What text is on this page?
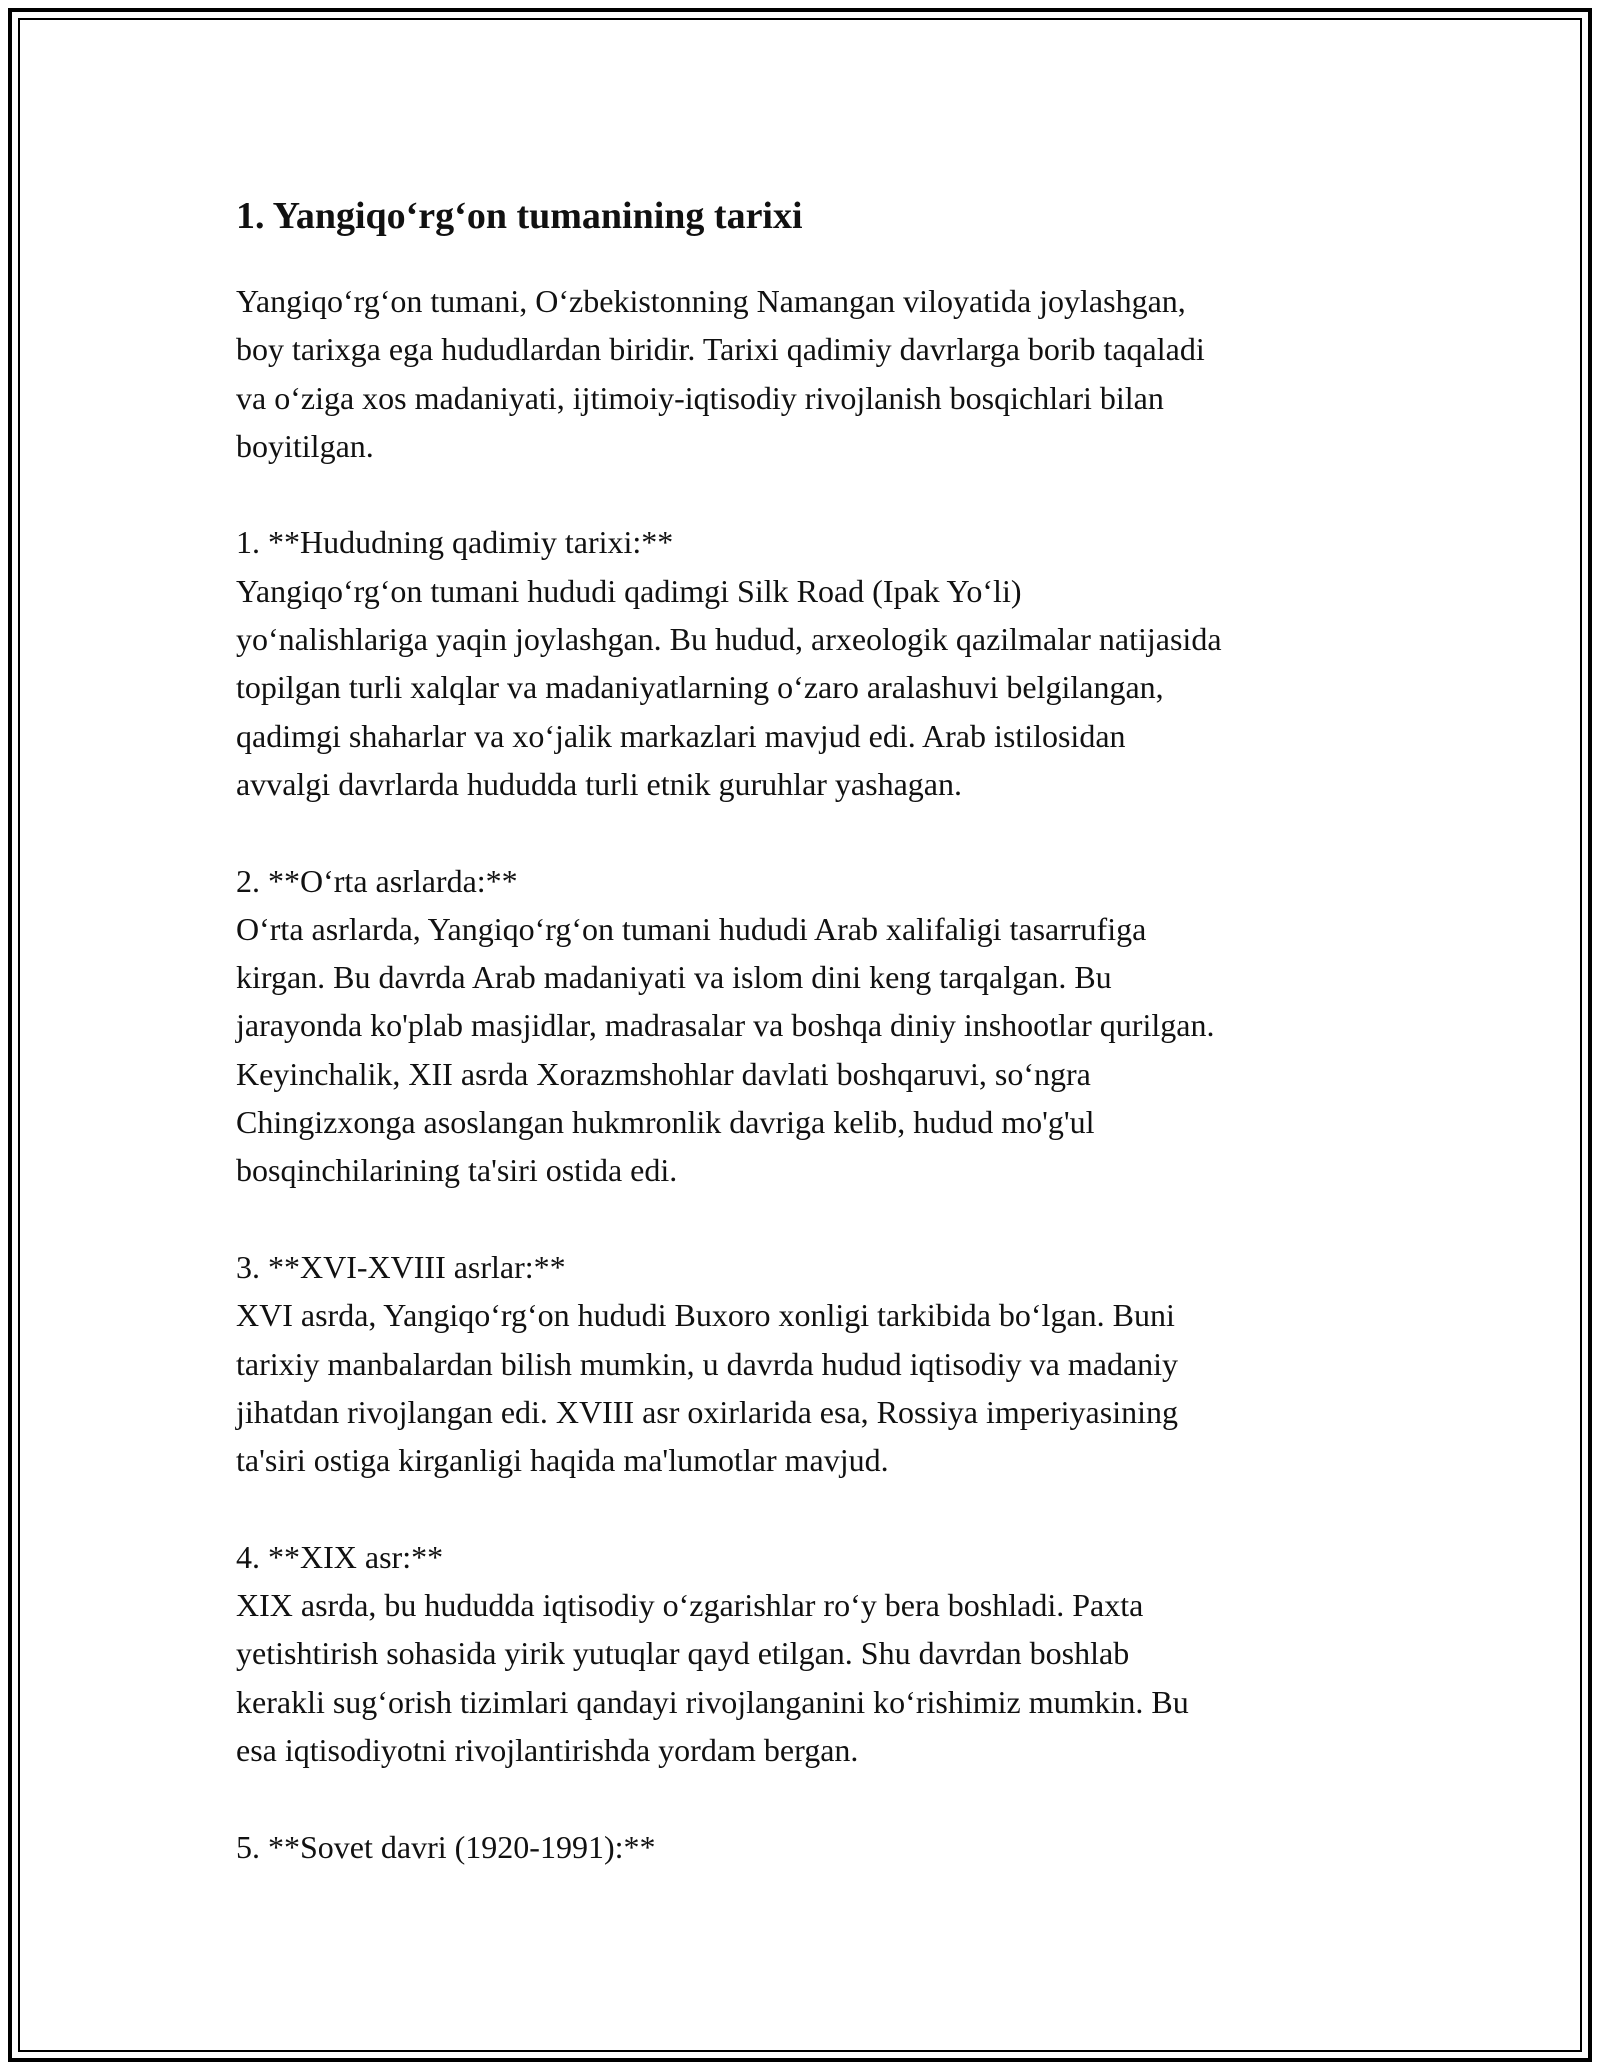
1. Yangiqo‘rg‘on tumanining tarixi
Yangiqo‘rg‘on tumani, O‘zbekistonning Namangan viloyatida joylashgan,
boy tarixga ega hududlardan biridir. Tarixi qadimiy davrlarga borib taqaladi
va o‘ziga xos madaniyati, ijtimoiy-iqtisodiy rivojlanish bosqichlari bilan
boyitilgan.
1. **Hududning qadimiy tarixi:**
Yangiqo‘rg‘on tumani hududi qadimgi Silk Road (Ipak Yo‘li)
yo‘nalishlariga yaqin joylashgan. Bu hudud, arxeologik qazilmalar natijasida
topilgan turli xalqlar va madaniyatlarning o‘zaro aralashuvi belgilangan,
qadimgi shaharlar va xo‘jalik markazlari mavjud edi. Arab istilosidan
avvalgi davrlarda hududda turli etnik guruhlar yashagan.
2. **O‘rta asrlarda:**
O‘rta asrlarda, Yangiqo‘rg‘on tumani hududi Arab xalifaligi tasarrufiga
kirgan. Bu davrda Arab madaniyati va islom dini keng tarqalgan. Bu
jarayonda ko'plab masjidlar, madrasalar va boshqa diniy inshootlar qurilgan.
Keyinchalik, XII asrda Xorazmshohlar davlati boshqaruvi, so‘ngra
Chingizxonga asoslangan hukmronlik davriga kelib, hudud mo'g'ul
bosqinchilarining ta'siri ostida edi.
3. **XVI-XVIII asrlar:**
XVI asrda, Yangiqo‘rg‘on hududi Buxoro xonligi tarkibida bo‘lgan. Buni
tarixiy manbalardan bilish mumkin, u davrda hudud iqtisodiy va madaniy
jihatdan rivojlangan edi. XVIII asr oxirlarida esa, Rossiya imperiyasining
ta'siri ostiga kirganligi haqida ma'lumotlar mavjud.
4. **XIX asr:**
XIX asrda, bu hududda iqtisodiy o‘zgarishlar ro‘y bera boshladi. Paxta
yetishtirish sohasida yirik yutuqlar qayd etilgan. Shu davrdan boshlab
kerakli sug‘orish tizimlari qandayi rivojlanganini ko‘rishimiz mumkin. Bu
esa iqtisodiyotni rivojlantirishda yordam bergan.
5. **Sovet davri (1920-1991):**
